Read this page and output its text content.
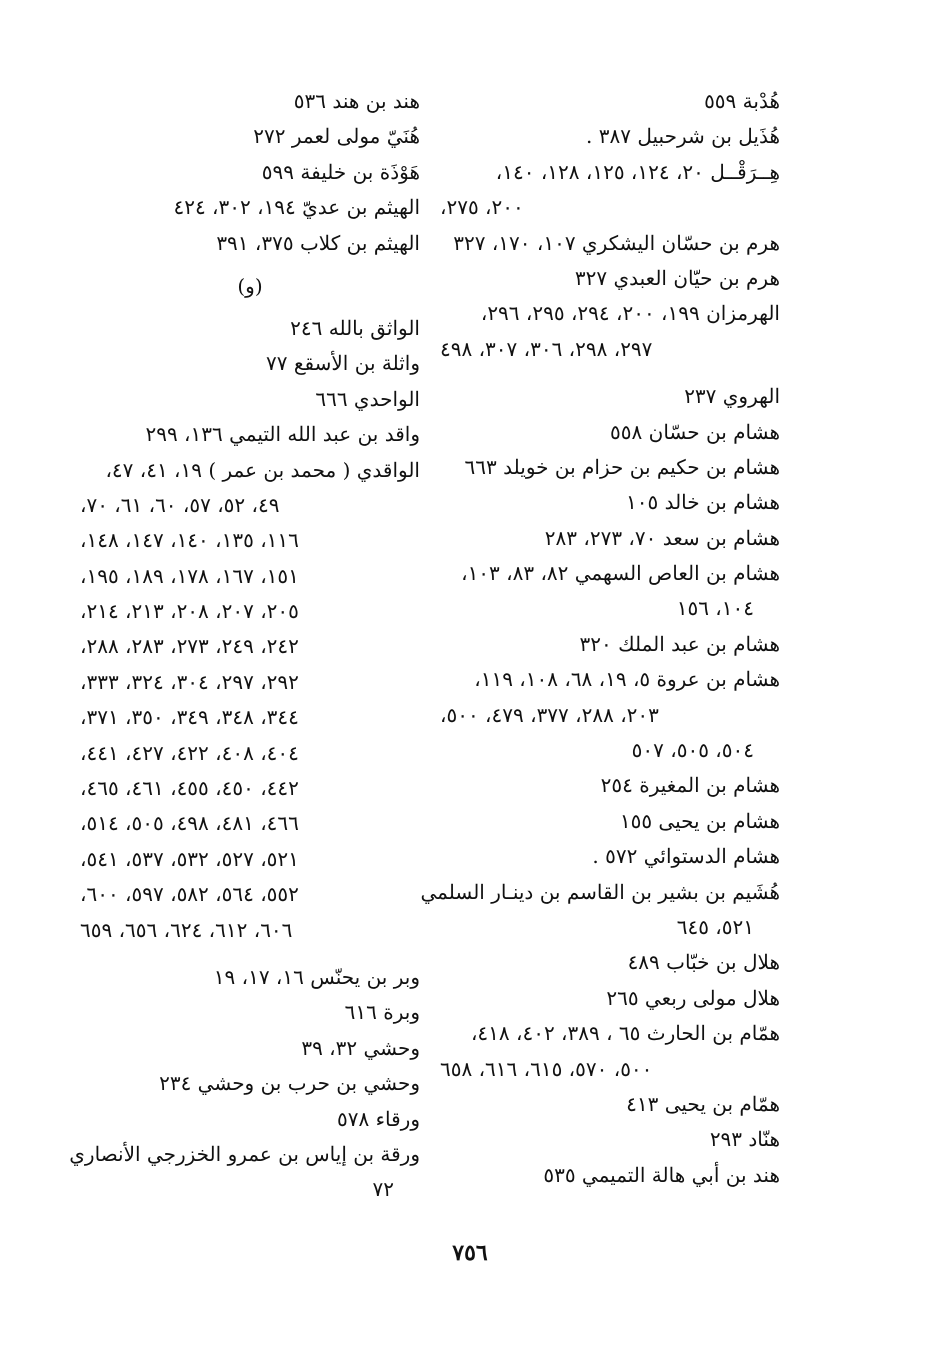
هُدْبة ٥٥٩
هُذَيل بن شرحبيل ٣٨٧ .
هِــرَقْــل ٢٠، ١٢٤، ١٢٥، ١٢٨، ١٤٠،
٢٠٠، ٢٧٥،
هرم بن حسّان اليشكري ١٠٧، ١٧٠، ٣٢٧
هرم بن حيّان العبدي ٣٢٧
الهرمزان ١٩٩، ٢٠٠، ٢٩٤، ٢٩٥، ٢٩٦،
٢٩٧، ٢٩٨، ٣٠٦، ٣٠٧، ٤٩٨
الهروي ٢٣٧
هشام بن حسّان ٥٥٨
هشام بن حكيم بن حزام بن خويلد ٦٦٣
هشام بن خالد ١٠٥
هشام بن سعد ٧٠، ٢٧٣، ٢٨٣
هشام بن العاص السهمي ٨٢، ٨٣، ١٠٣،
١٠٤، ١٥٦
هشام بن عبد الملك ٣٢٠
هشام بن عروة ٥، ١٩، ٦٨، ١٠٨، ١١٩،
٢٠٣، ٢٨٨، ٣٧٧، ٤٧٩، ٥٠٠،
٥٠٤، ٥٠٥، ٥٠٧
هشام بن المغيرة ٢٥٤
هشام بن يحيى ١٥٥
هشام الدستوائي ٥٧٢ .
هُشَيم بن بشير بن القاسم بن دينـار السلمي
٥٢١، ٦٤٥
هلال بن خبّاب ٤٨٩
هلال مولى ربعي ٢٦٥
همّام بن الحارث ٦٥ ، ٣٨٩، ٤٠٢، ٤١٨،
٥٠٠، ٥٧٠، ٦١٥، ٦١٦، ٦٥٨
همّام بن يحيى ٤١٣
هنّاد ٢٩٣
هند بن أبي هالة التميمي ٥٣٥
هند بن هند ٥٣٦
هُنَيّ مولى لعمر ٢٧٢
هَوْذَة بن خليفة ٥٩٩
الهيثم بن عديّ ١٩٤، ٣٠٢، ٤٢٤
الهيثم بن كلاب ٣٧٥، ٣٩١
(و)
الواثق بالله ٢٤٦
واثلة بن الأسقع ٧٧
الواحدي ٦٦٦
واقد بن عبد الله التيمي ١٣٦، ٢٩٩
الواقدي ( محمد بن عمر ) ١٩، ٤١، ٤٧،
٤٩، ٥٢، ٥٧، ٦٠، ٦١، ٧٠،
١١٦، ١٣٥، ١٤٠، ١٤٧، ١٤٨،
١٥١، ١٦٧، ١٧٨، ١٨٩، ١٩٥،
٢٠٥، ٢٠٧، ٢٠٨، ٢١٣، ٢١٤،
٢٤٢، ٢٤٩، ٢٧٣، ٢٨٣، ٢٨٨،
٢٩٢، ٢٩٧، ٣٠٤، ٣٢٤، ٣٣٣،
٣٤٤، ٣٤٨، ٣٤٩، ٣٥٠، ٣٧١،
٤٠٤، ٤٠٨، ٤٢٢، ٤٢٧، ٤٤١،
٤٤٢، ٤٥٠، ٤٥٥، ٤٦١، ٤٦٥،
٤٦٦، ٤٨١، ٤٩٨، ٥٠٥، ٥١٤،
٥٢١، ٥٢٧، ٥٣٢، ٥٣٧، ٥٤١،
٥٥٢، ٥٦٤، ٥٨٢، ٥٩٧، ٦٠٠،
٦٠٦، ٦١٢، ٦٢٤، ٦٥٦، ٦٥٩
وبر بن يحنّس ١٦، ١٧، ١٩
وبرة ٦١٦
وحشي ٣٢، ٣٩
وحشي بن حرب بن وحشي ٢٣٤
ورقاء ٥٧٨
ورقة بن إياس بن عمرو الخزرجي الأنصاري
٧٢
٧٥٦
